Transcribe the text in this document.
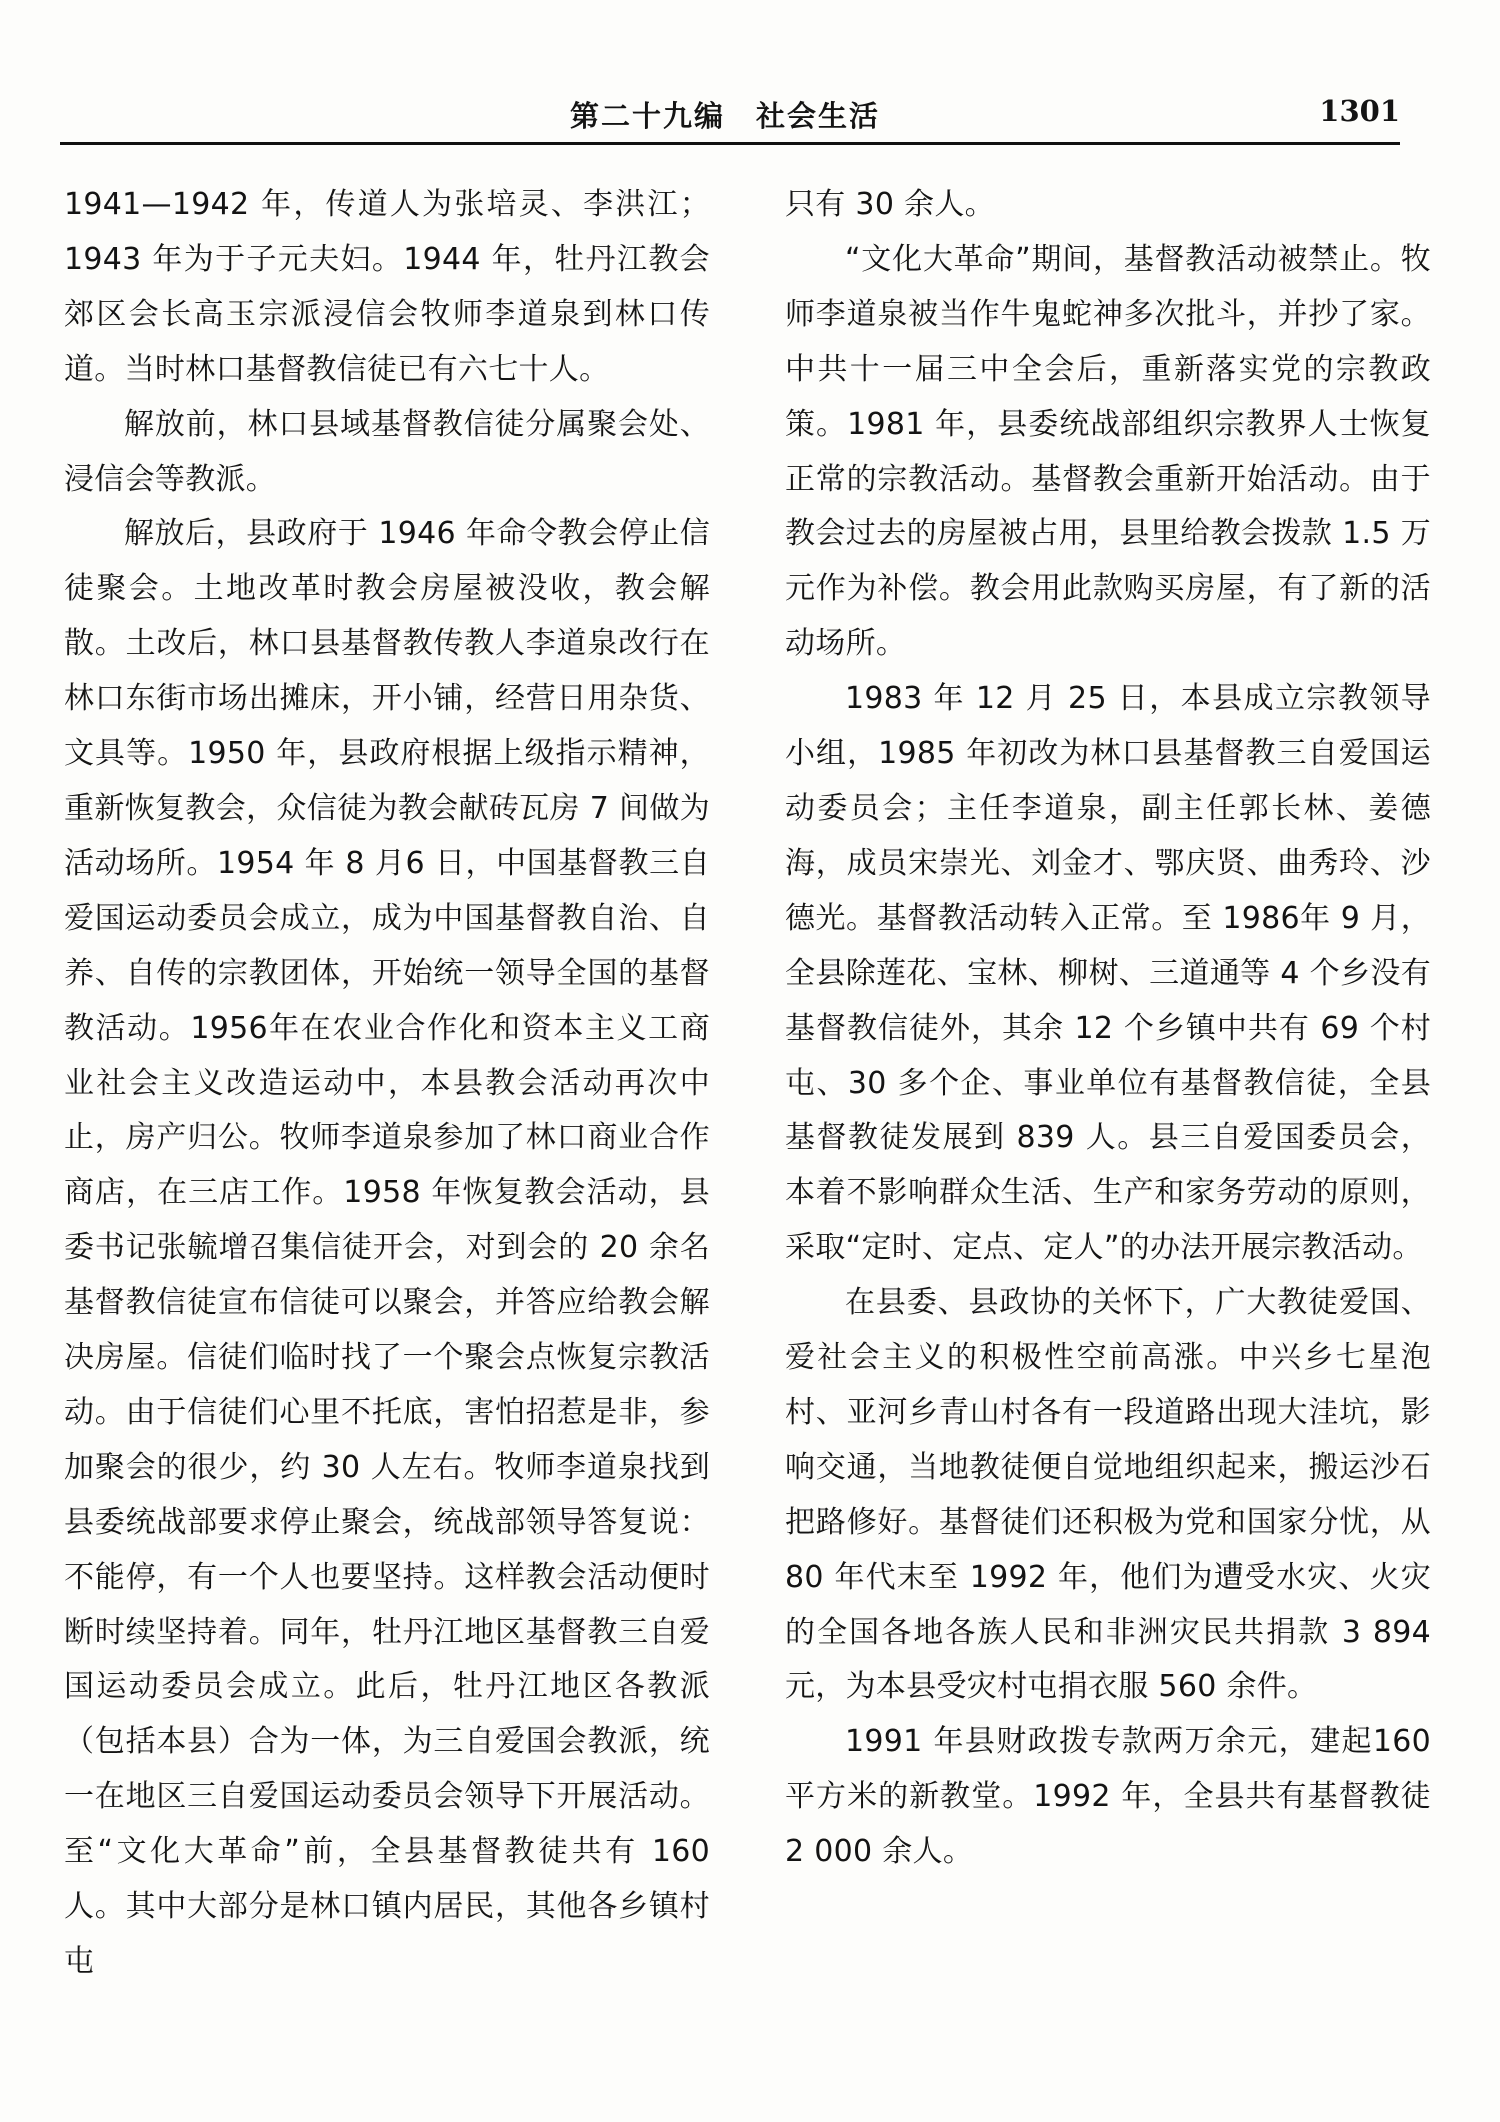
第二十九编　社会生活	1301

1941—1942 年，传道人为张培灵、李洪江；1943 年为于子元夫妇。1944 年，牡丹江教会郊区会长高玉宗派浸信会牧师李道泉到林口传道。当时林口基督教信徒已有六七十人。

解放前，林口县域基督教信徒分属聚会处、浸信会等教派。

解放后，县政府于 1946 年命令教会停止信徒聚会。土地改革时教会房屋被没收，教会解散。土改后，林口县基督教传教人李道泉改行在林口东街市场出摊床，开小铺，经营日用杂货、文具等。1950 年，县政府根据上级指示精神，重新恢复教会，众信徒为教会献砖瓦房 7 间做为活动场所。1954 年 8 月6 日，中国基督教三自爱国运动委员会成立，成为中国基督教自治、自养、自传的宗教团体，开始统一领导全国的基督教活动。1956年在农业合作化和资本主义工商业社会主义改造运动中，本县教会活动再次中止，房产归公。牧师李道泉参加了林口商业合作商店，在三店工作。1958 年恢复教会活动，县委书记张毓增召集信徒开会，对到会的 20 余名基督教信徒宣布信徒可以聚会，并答应给教会解决房屋。信徒们临时找了一个聚会点恢复宗教活动。由于信徒们心里不托底，害怕招惹是非，参加聚会的很少，约 30 人左右。牧师李道泉找到县委统战部要求停止聚会，统战部领导答复说：不能停，有一个人也要坚持。这样教会活动便时断时续坚持着。同年，牡丹江地区基督教三自爱国运动委员会成立。此后，牡丹江地区各教派（包括本县）合为一体，为三自爱国会教派，统一在地区三自爱国运动委员会领导下开展活动。至“文化大革命”前，全县基督教徒共有 160 人。其中大部分是林口镇内居民，其他各乡镇村屯

只有 30 余人。

“文化大革命”期间，基督教活动被禁止。牧师李道泉被当作牛鬼蛇神多次批斗，并抄了家。中共十一届三中全会后，重新落实党的宗教政策。1981 年，县委统战部组织宗教界人士恢复正常的宗教活动。基督教会重新开始活动。由于教会过去的房屋被占用，县里给教会拨款 1.5 万元作为补偿。教会用此款购买房屋，有了新的活动场所。

1983 年 12 月 25 日，本县成立宗教领导小组，1985 年初改为林口县基督教三自爱国运动委员会；主任李道泉，副主任郭长林、姜德海，成员宋崇光、刘金才、鄂庆贤、曲秀玲、沙德光。基督教活动转入正常。至 1986年 9 月，全县除莲花、宝林、柳树、三道通等 4 个乡没有基督教信徒外，其余 12 个乡镇中共有 69 个村屯、30 多个企、事业单位有基督教信徒，全县基督教徒发展到 839 人。县三自爱国委员会，本着不影响群众生活、生产和家务劳动的原则，采取“定时、定点、定人”的办法开展宗教活动。

在县委、县政协的关怀下，广大教徒爱国、爱社会主义的积极性空前高涨。中兴乡七星泡村、亚河乡青山村各有一段道路出现大洼坑，影响交通，当地教徒便自觉地组织起来，搬运沙石把路修好。基督徒们还积极为党和国家分忧，从 80 年代末至 1992 年，他们为遭受水灾、火灾的全国各地各族人民和非洲灾民共捐款 3 894 元，为本县受灾村屯捐衣服 560 余件。

1991 年县财政拨专款两万余元，建起160 平方米的新教堂。1992 年，全县共有基督教徒 2 000 余人。
